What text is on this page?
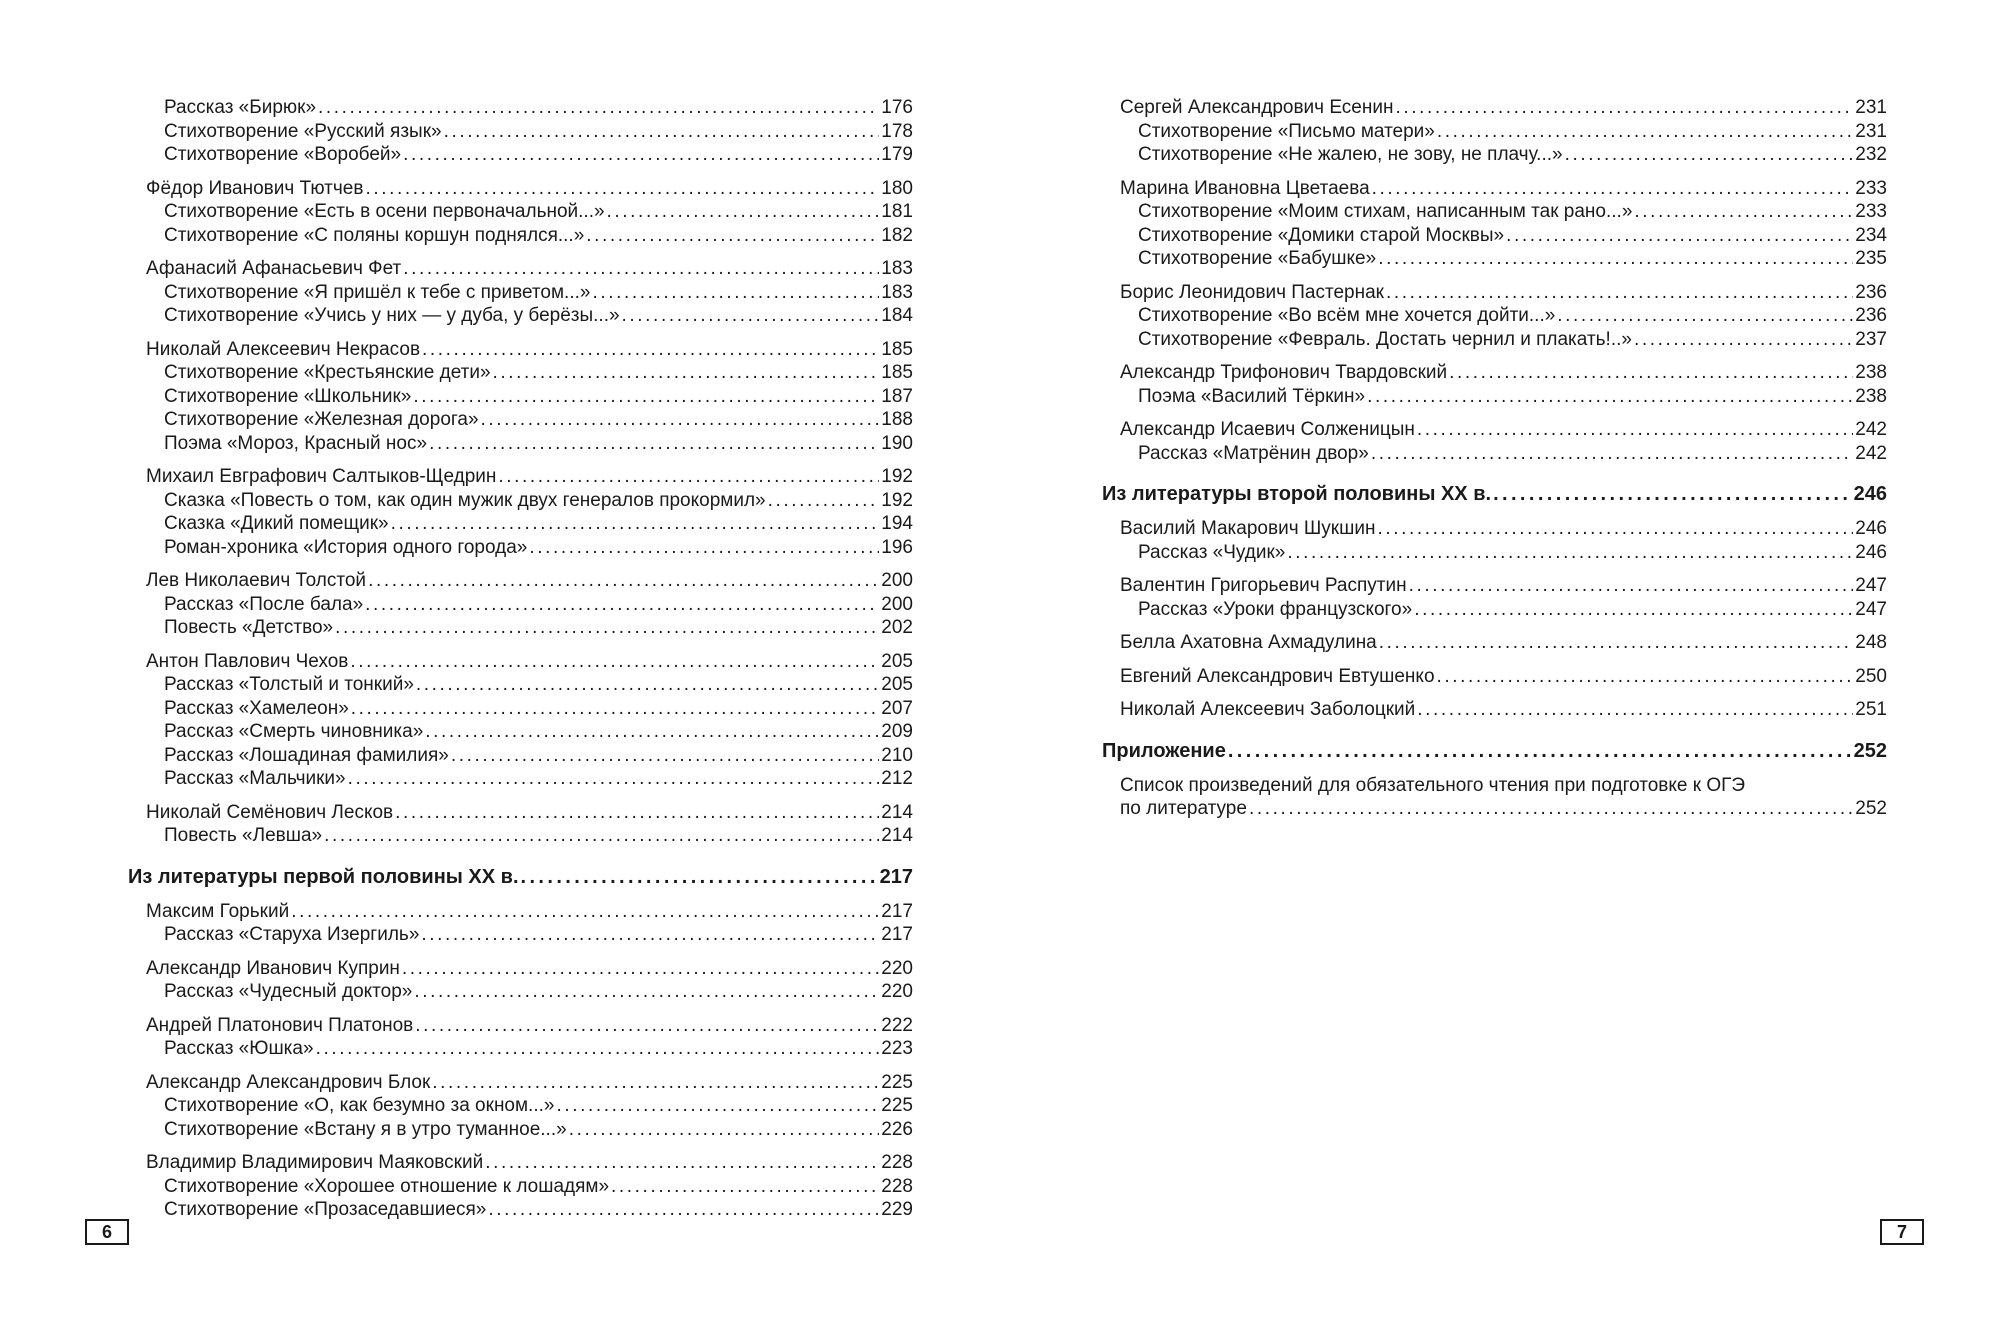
Рассказ «Бирюк» .....	176
Стихотворение «Русский язык» .....	178
Стихотворение «Воробей» .....	179
Фёдор Иванович Тютчев .....	180
Стихотворение «Есть в осени первоначальной...» .....	181
Стихотворение «С поляны коршун поднялся...» .....	182
Афанасий Афанасьевич Фет .....	183
Стихотворение «Я пришёл к тебе с приветом...» .....	183
Стихотворение «Учись у них — у дуба, у берёзы...» .....	184
Николай Алексеевич Некрасов .....	185
Стихотворение «Крестьянские дети» .....	185
Стихотворение «Школьник» .....	187
Стихотворение «Железная дорога» .....	188
Поэма «Мороз, Красный нос» .....	190
Михаил Евграфович Салтыков-Щедрин .....	192
Сказка «Повесть о том, как один мужик двух генералов прокормил» .....	192
Сказка «Дикий помещик» .....	194
Роман-хроника «История одного города» .....	196
Лев Николаевич Толстой .....	200
Рассказ «После бала» .....	200
Повесть «Детство» .....	202
Антон Павлович Чехов .....	205
Рассказ «Толстый и тонкий» .....	205
Рассказ «Хамелеон» .....	207
Рассказ «Смерть чиновника» .....	209
Рассказ «Лошадиная фамилия» .....	210
Рассказ «Мальчики» .....	212
Николай Семёнович Лесков .....	214
Повесть «Левша» .....	214
Из литературы первой половины XX в. .....	217
Максим Горький .....	217
Рассказ «Старуха Изергиль» .....	217
Александр Иванович Куприн .....	220
Рассказ «Чудесный доктор» .....	220
Андрей Платонович Платонов .....	222
Рассказ «Юшка» .....	223
Александр Александрович Блок .....	225
Стихотворение «О, как безумно за окном...» .....	225
Стихотворение «Встану я в утро туманное...» .....	226
Владимир Владимирович Маяковский .....	228
Стихотворение «Хорошее отношение к лошадям» .....	228
Стихотворение «Прозаседавшиеся» .....	229
Сергей Александрович Есенин .....	231
Стихотворение «Письмо матери» .....	231
Стихотворение «Не жалею, не зову, не плачу...» .....	232
Марина Ивановна Цветаева .....	233
Стихотворение «Моим стихам, написанным так рано...» .....	233
Стихотворение «Домики старой Москвы» .....	234
Стихотворение «Бабушке» .....	235
Борис Леонидович Пастернак .....	236
Стихотворение «Во всём мне хочется дойти...» .....	236
Стихотворение «Февраль. Достать чернил и плакать!..» .....	237
Александр Трифонович Твардовский .....	238
Поэма «Василий Тёркин» .....	238
Александр Исаевич Солженицын .....	242
Рассказ «Матрёнин двор» .....	242
Из литературы второй половины XX в. .....	246
Василий Макарович Шукшин .....	246
Рассказ «Чудик» .....	246
Валентин Григорьевич Распутин .....	247
Рассказ «Уроки французского» .....	247
Белла Ахатовна Ахмадулина .....	248
Евгений Александрович Евтушенко .....	250
Николай Алексеевич Заболоцкий .....	251
Приложение .....	252
Список произведений для обязательного чтения при подготовке к ОГЭ
по литературе .....	252
6	7
